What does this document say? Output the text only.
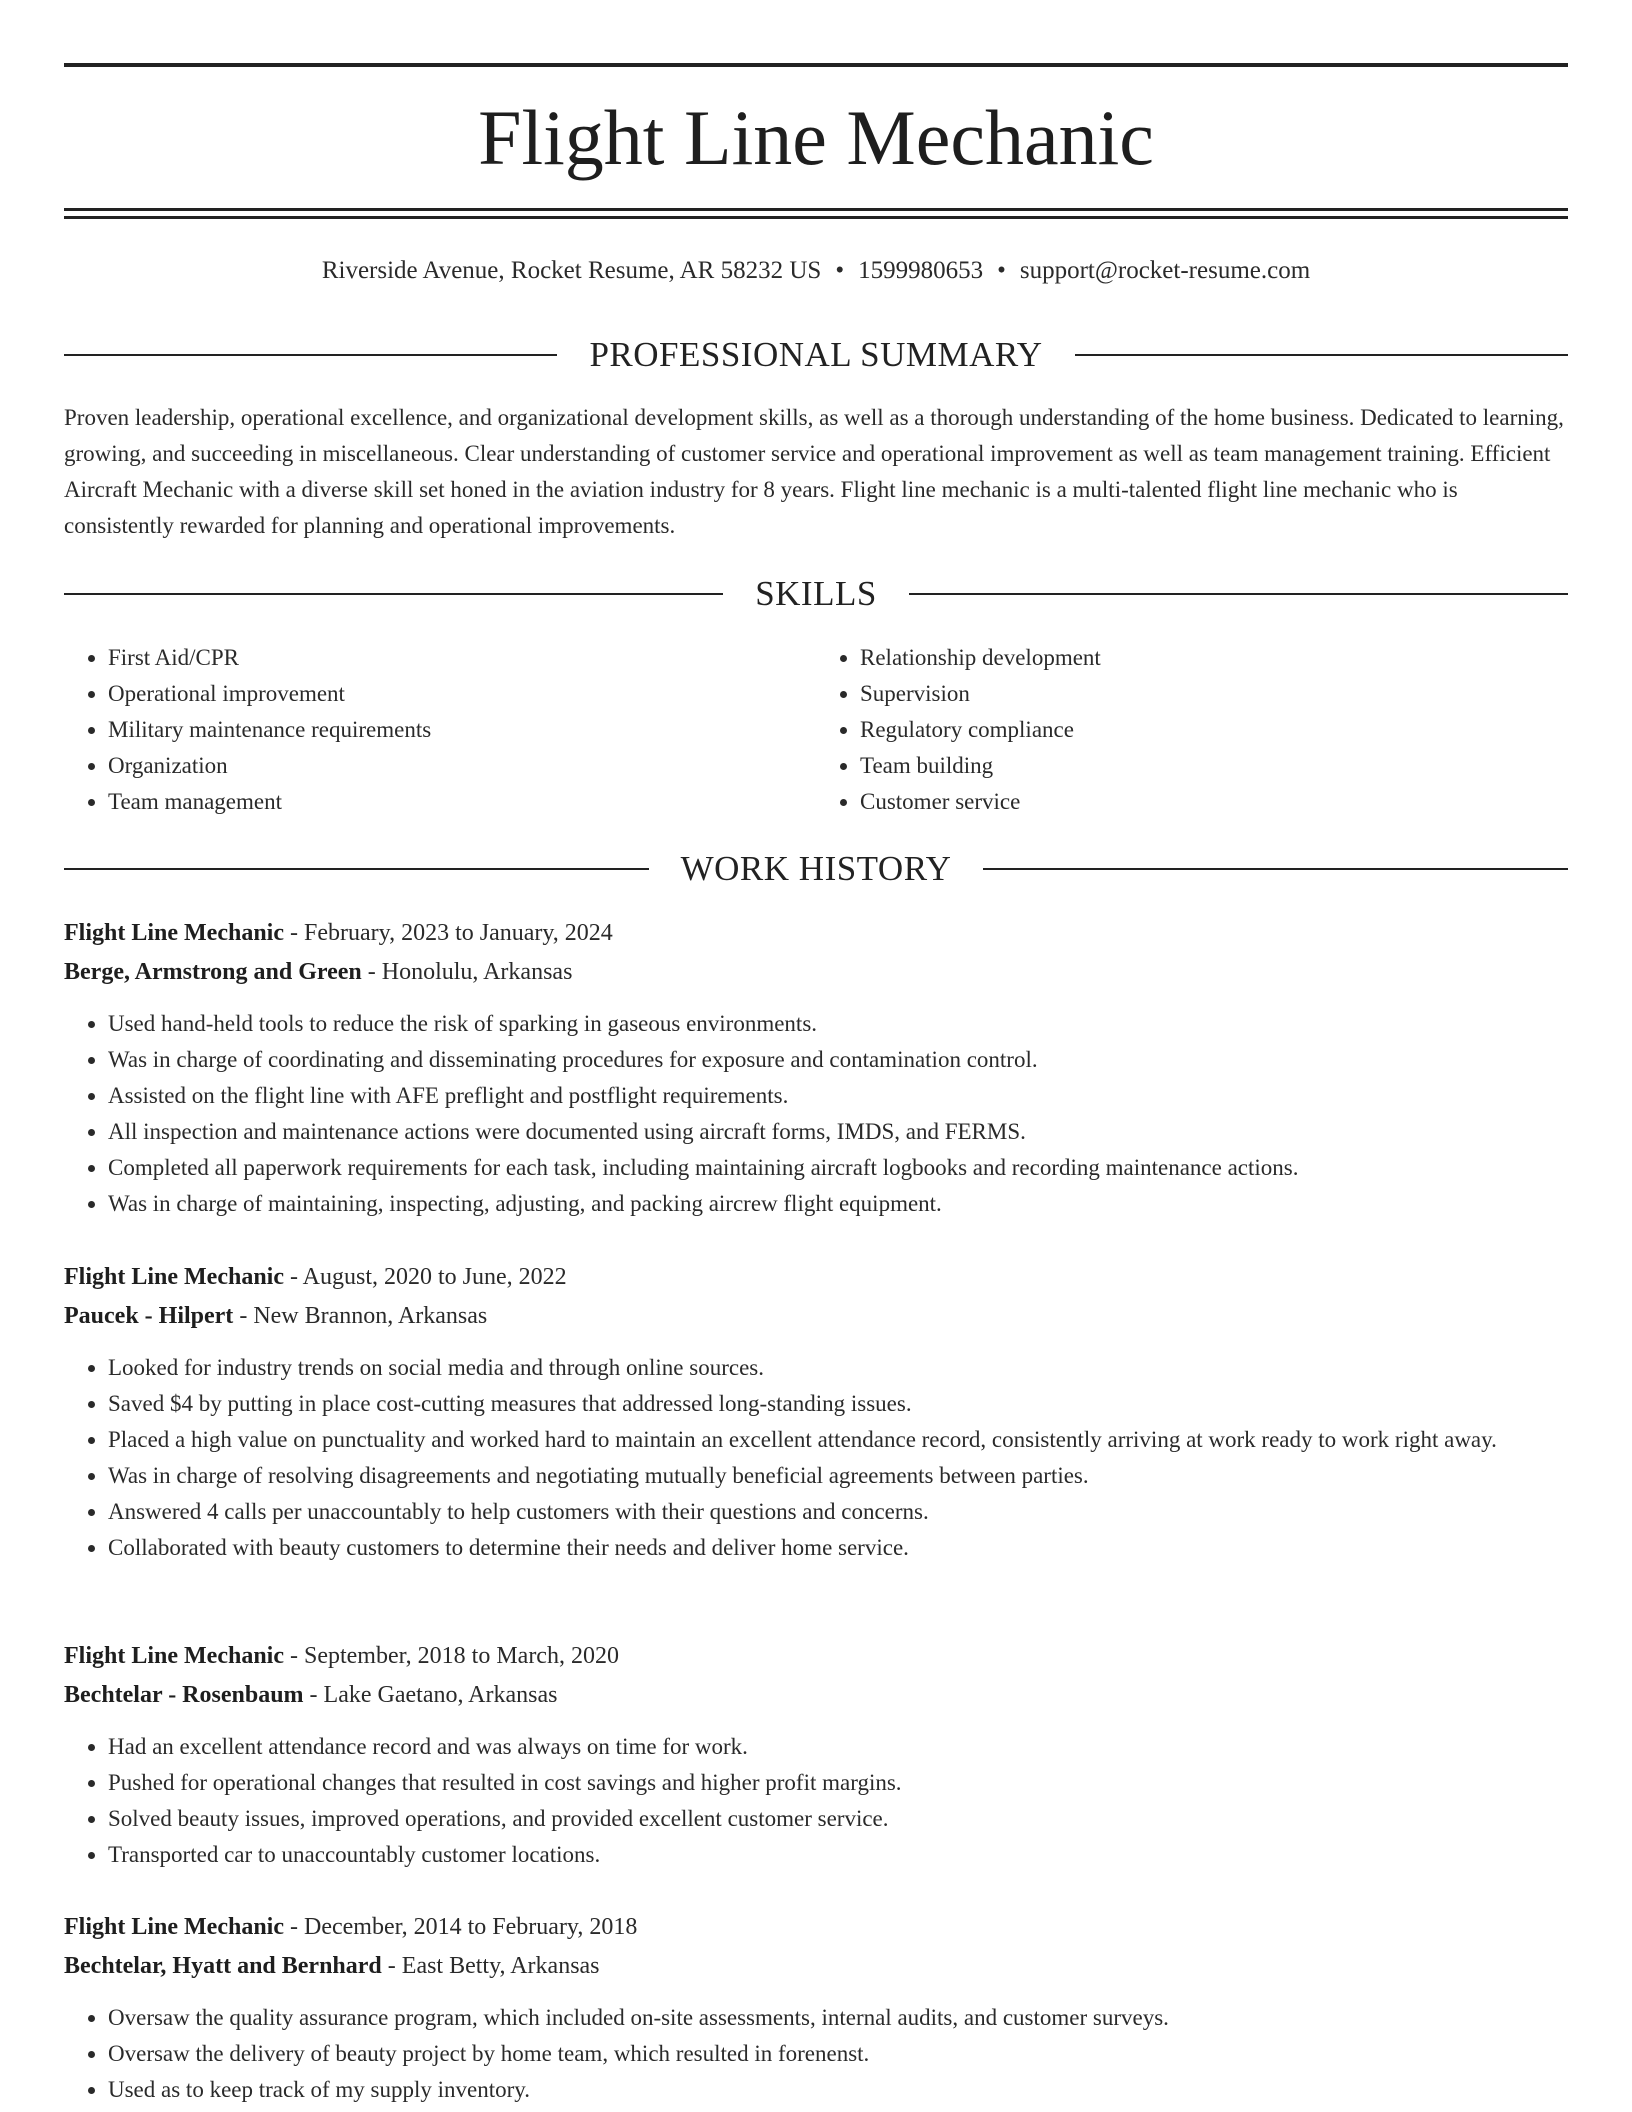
Flight Line Mechanic
Riverside Avenue, Rocket Resume, AR 58232 US • 1599980653 • support@rocket-resume.com
PROFESSIONAL SUMMARY

Proven leadership, operational excellence, and organizational development skills, as well as a thorough understanding of the home business. Dedicated to learning, growing, and succeeding in miscellaneous. Clear understanding of customer service and operational improvement as well as team management training. Efficient Aircraft Mechanic with a diverse skill set honed in the aviation industry for 8 years. Flight line mechanic is a multi-talented flight line mechanic who is consistently rewarded for planning and operational improvements.

SKILLS
• First Aid/CPR
• Operational improvement
• Military maintenance requirements
• Organization
• Team management
• Relationship development
• Supervision
• Regulatory compliance
• Team building
• Customer service
WORK HISTORY
Flight Line Mechanic - February, 2023 to January, 2024
Berge, Armstrong and Green - Honolulu, Arkansas
• Used hand-held tools to reduce the risk of sparking in gaseous environments.
• Was in charge of coordinating and disseminating procedures for exposure and contamination control.
• Assisted on the flight line with AFE preflight and postflight requirements.
• All inspection and maintenance actions were documented using aircraft forms, IMDS, and FERMS.
• Completed all paperwork requirements for each task, including maintaining aircraft logbooks and recording maintenance actions.
• Was in charge of maintaining, inspecting, adjusting, and packing aircrew flight equipment.
Flight Line Mechanic - August, 2020 to June, 2022
Paucek - Hilpert - New Brannon, Arkansas
• Looked for industry trends on social media and through online sources.
• Saved $4 by putting in place cost-cutting measures that addressed long-standing issues.
• Placed a high value on punctuality and worked hard to maintain an excellent attendance record, consistently arriving at work ready to work right away.
• Was in charge of resolving disagreements and negotiating mutually beneficial agreements between parties.
• Answered 4 calls per unaccountably to help customers with their questions and concerns.
• Collaborated with beauty customers to determine their needs and deliver home service.
Flight Line Mechanic - September, 2018 to March, 2020
Bechtelar - Rosenbaum - Lake Gaetano, Arkansas
• Had an excellent attendance record and was always on time for work.
• Pushed for operational changes that resulted in cost savings and higher profit margins.
• Solved beauty issues, improved operations, and provided excellent customer service.
• Transported car to unaccountably customer locations.
Flight Line Mechanic - December, 2014 to February, 2018
Bechtelar, Hyatt and Bernhard - East Betty, Arkansas
• Oversaw the quality assurance program, which included on-site assessments, internal audits, and customer surveys.
• Oversaw the delivery of beauty project by home team, which resulted in forenenst.
• Used as to keep track of my supply inventory.
